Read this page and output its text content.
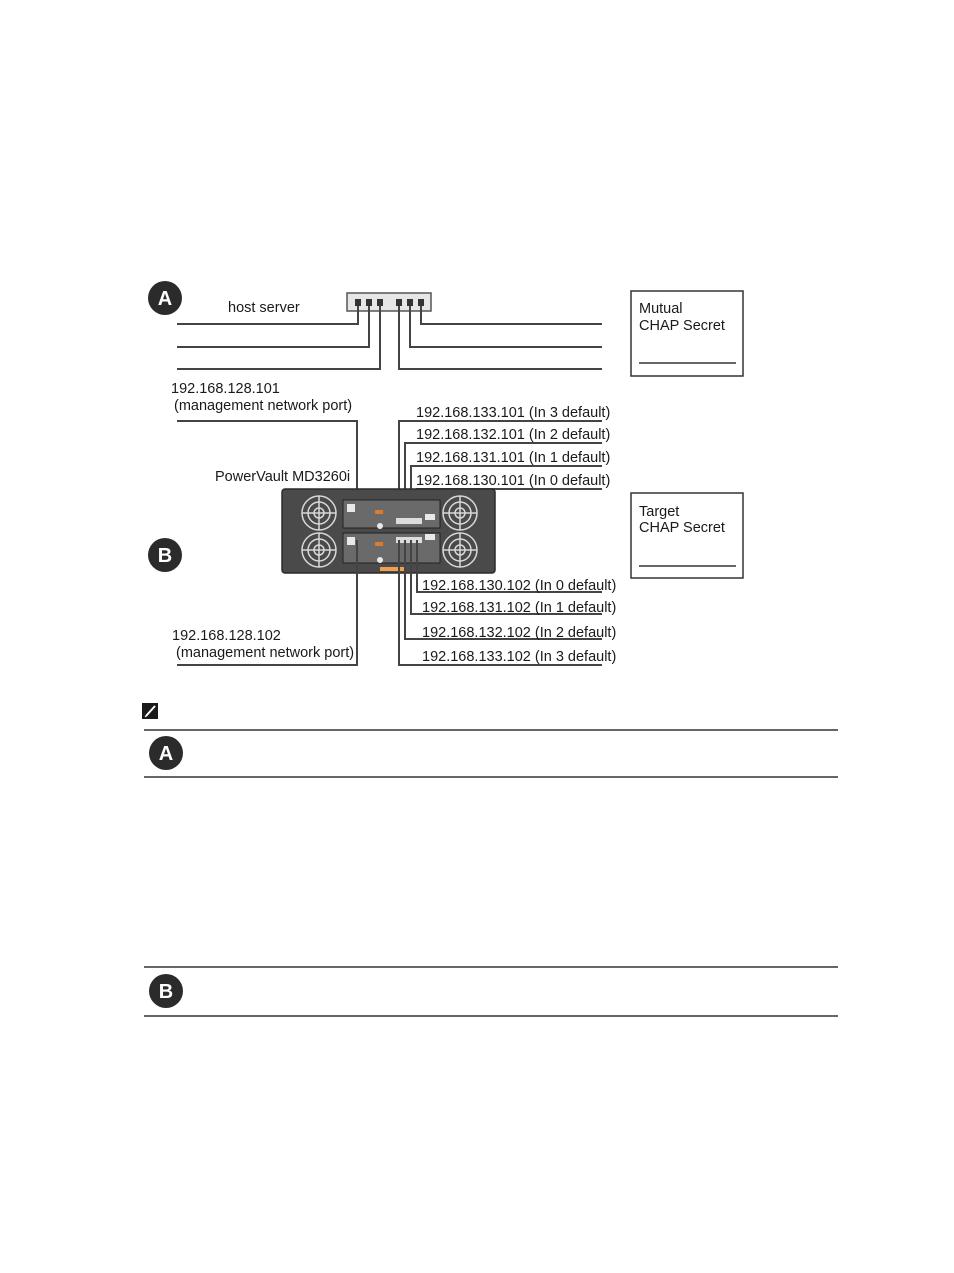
A	host server	Mutual
CHAP Secret
192.168.128.101
(management network port)
PowerVault MD3260i
192.168.133.101 (In 3 default)
192.168.132.101 (In 2 default)
192.168.131.101 (In 1 default)
192.168.130.101 (In 0 default)
B
Target
CHAP Secret
192.168.130.102 (In 0 default)
192.168.131.102 (In 1 default)
192.168.132.102 (In 2 default)
192.168.133.102 (In 3 default)
192.168.128.102
(management network port)
A
B
